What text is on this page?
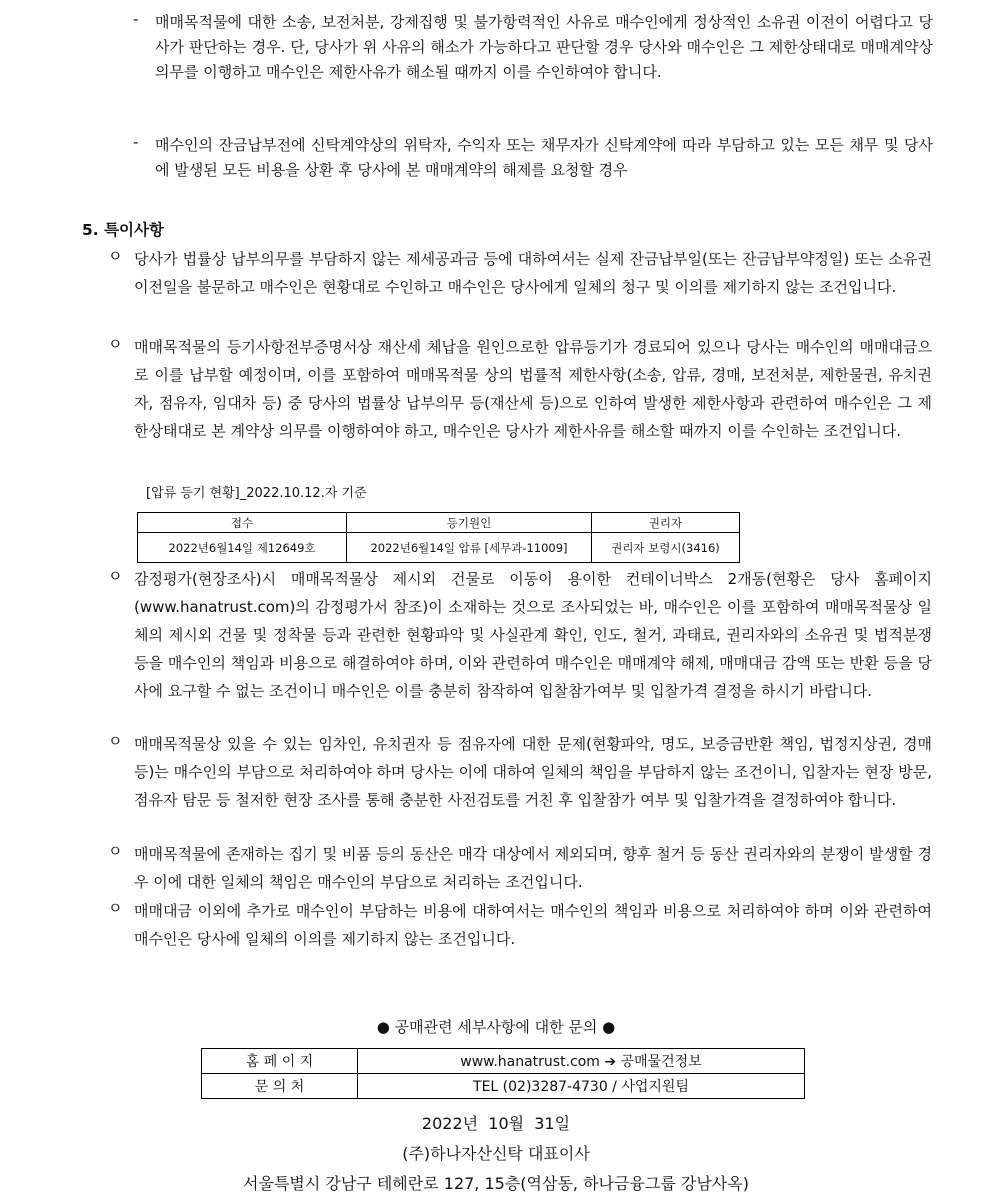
- 매매목적물에 대한 소송, 보전처분, 강제집행 및 불가항력적인 사유로 매수인에게 정상적인 소유권 이전이 어렵다고 당사가 판단하는 경우. 단, 당사가 위 사유의 해소가 가능하다고 판단할 경우 당사와 매수인은 그 제한상태대로 매매계약상 의무를 이행하고 매수인은 제한사유가 해소될 때까지 이를 수인하여야 합니다.
- 매수인의 잔금납부전에 신탁계약상의 위탁자, 수익자 또는 채무자가 신탁계약에 따라 부담하고 있는 모든 채무 및 당사에 발생된 모든 비용을 상환 후 당사에 본 매매계약의 해제를 요청할 경우
5. 특이사항
ㅇ 당사가 법률상 납부의무를 부담하지 않는 제세공과금 등에 대하여서는 실제 잔금납부일(또는 잔금납부약정일) 또는 소유권이전일을 불문하고 매수인은 현황대로 수인하고 매수인은 당사에게 일체의 청구 및 이의를 제기하지 않는 조건입니다.
ㅇ 매매목적물의 등기사항전부증명서상 재산세 체납을 원인으로한 압류등기가 경료되어 있으나 당사는 매수인의 매매대금으로 이를 납부할 예정이며, 이를 포함하여 매매목적물 상의 법률적 제한사항(소송, 압류, 경매, 보전처분, 제한물권, 유치권자, 점유자, 임대차 등) 중 당사의 법률상 납부의무 등(재산세 등)으로 인하여 발생한 제한사항과 관련하여 매수인은 그 제한상태대로 본 계약상 의무를 이행하여야 하고, 매수인은 당사가 제한사유를 해소할 때까지 이를 수인하는 조건입니다.
[압류 등기 현황]_2022.10.12.자 기준
접수	등기원인	권리자
2022년6월14일 제12649호	2022년6월14일 압류 [세무과-11009]	권리자 보령시(3416)
ㅇ 감정평가(현장조사)시 매매목적물상 제시외 건물로 이동이 용이한 컨테이너박스 2개동(현황은 당사 홈페이지(www.hanatrust.com)의 감정평가서 참조)이 소재하는 것으로 조사되었는 바, 매수인은 이를 포함하여 매매목적물상 일체의 제시외 건물 및 정착물 등과 관련한 현황파악 및 사실관계 확인, 인도, 철거, 과태료, 권리자와의 소유권 및 법적분쟁 등을 매수인의 책임과 비용으로 해결하여야 하며, 이와 관련하여 매수인은 매매계약 해제, 매매대금 감액 또는 반환 등을 당사에 요구할 수 없는 조건이니 매수인은 이를 충분히 참작하여 입찰참가여부 및 입찰가격 결정을 하시기 바랍니다.
ㅇ 매매목적물상 있을 수 있는 임차인, 유치권자 등 점유자에 대한 문제(현황파악, 명도, 보증금반환 책임, 법정지상권, 경매 등)는 매수인의 부담으로 처리하여야 하며 당사는 이에 대하여 일체의 책임을 부담하지 않는 조건이니, 입찰자는 현장 방문, 점유자 탐문 등 철저한 현장 조사를 통해 충분한 사전검토를 거친 후 입찰참가 여부 및 입찰가격을 결정하여야 합니다.
ㅇ 매매목적물에 존재하는 집기 및 비품 등의 동산은 매각 대상에서 제외되며, 향후 철거 등 동산 권리자와의 분쟁이 발생할 경우 이에 대한 일체의 책임은 매수인의 부담으로 처리하는 조건입니다.
ㅇ 매매대금 이외에 추가로 매수인이 부담하는 비용에 대하여서는 매수인의 책임과 비용으로 처리하여야 하며 이와 관련하여 매수인은 당사에 일체의 이의를 제기하지 않는 조건입니다.
● 공매관련 세부사항에 대한 문의 ●
홈 페 이 지	www.hanatrust.com ➔ 공매물건정보
문 의 처	TEL (02)3287-4730 / 사업지원팀
2022년  10월  31일
(주)하나자산신탁 대표이사
서울특별시 강남구 테헤란로 127, 15층(역삼동, 하나금융그룹 강남사옥)
